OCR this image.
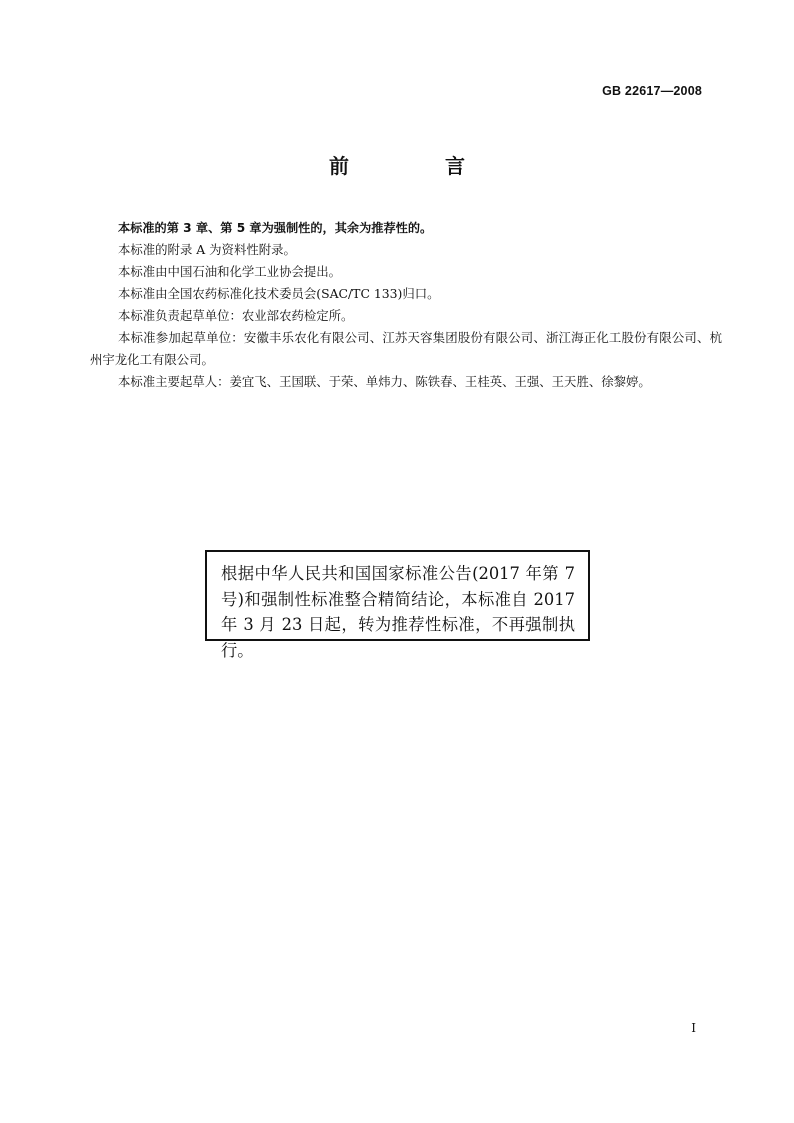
GB 22617—2008
前　言

本标准的第 3 章、第 5 章为强制性的，其余为推荐性的。

本标准的附录 A 为资料性附录。

本标准由中国石油和化学工业协会提出。

本标准由全国农药标准化技术委员会(SAC/TC 133)归口。

本标准负责起草单位：农业部农药检定所。

本标准参加起草单位：安徽丰乐农化有限公司、江苏天容集团股份有限公司、浙江海正化工股份有限公司、杭州宇龙化工有限公司。

本标准主要起草人：姜宜飞、王国联、于荣、单炜力、陈铁春、王桂英、王强、王天胜、徐黎婷。

根据中华人民共和国国家标准公告(2017 年第 7 号)和强制性标准整合精简结论，本标准自 2017 年 3 月 23 日起，转为推荐性标准，不再强制执行。
I
